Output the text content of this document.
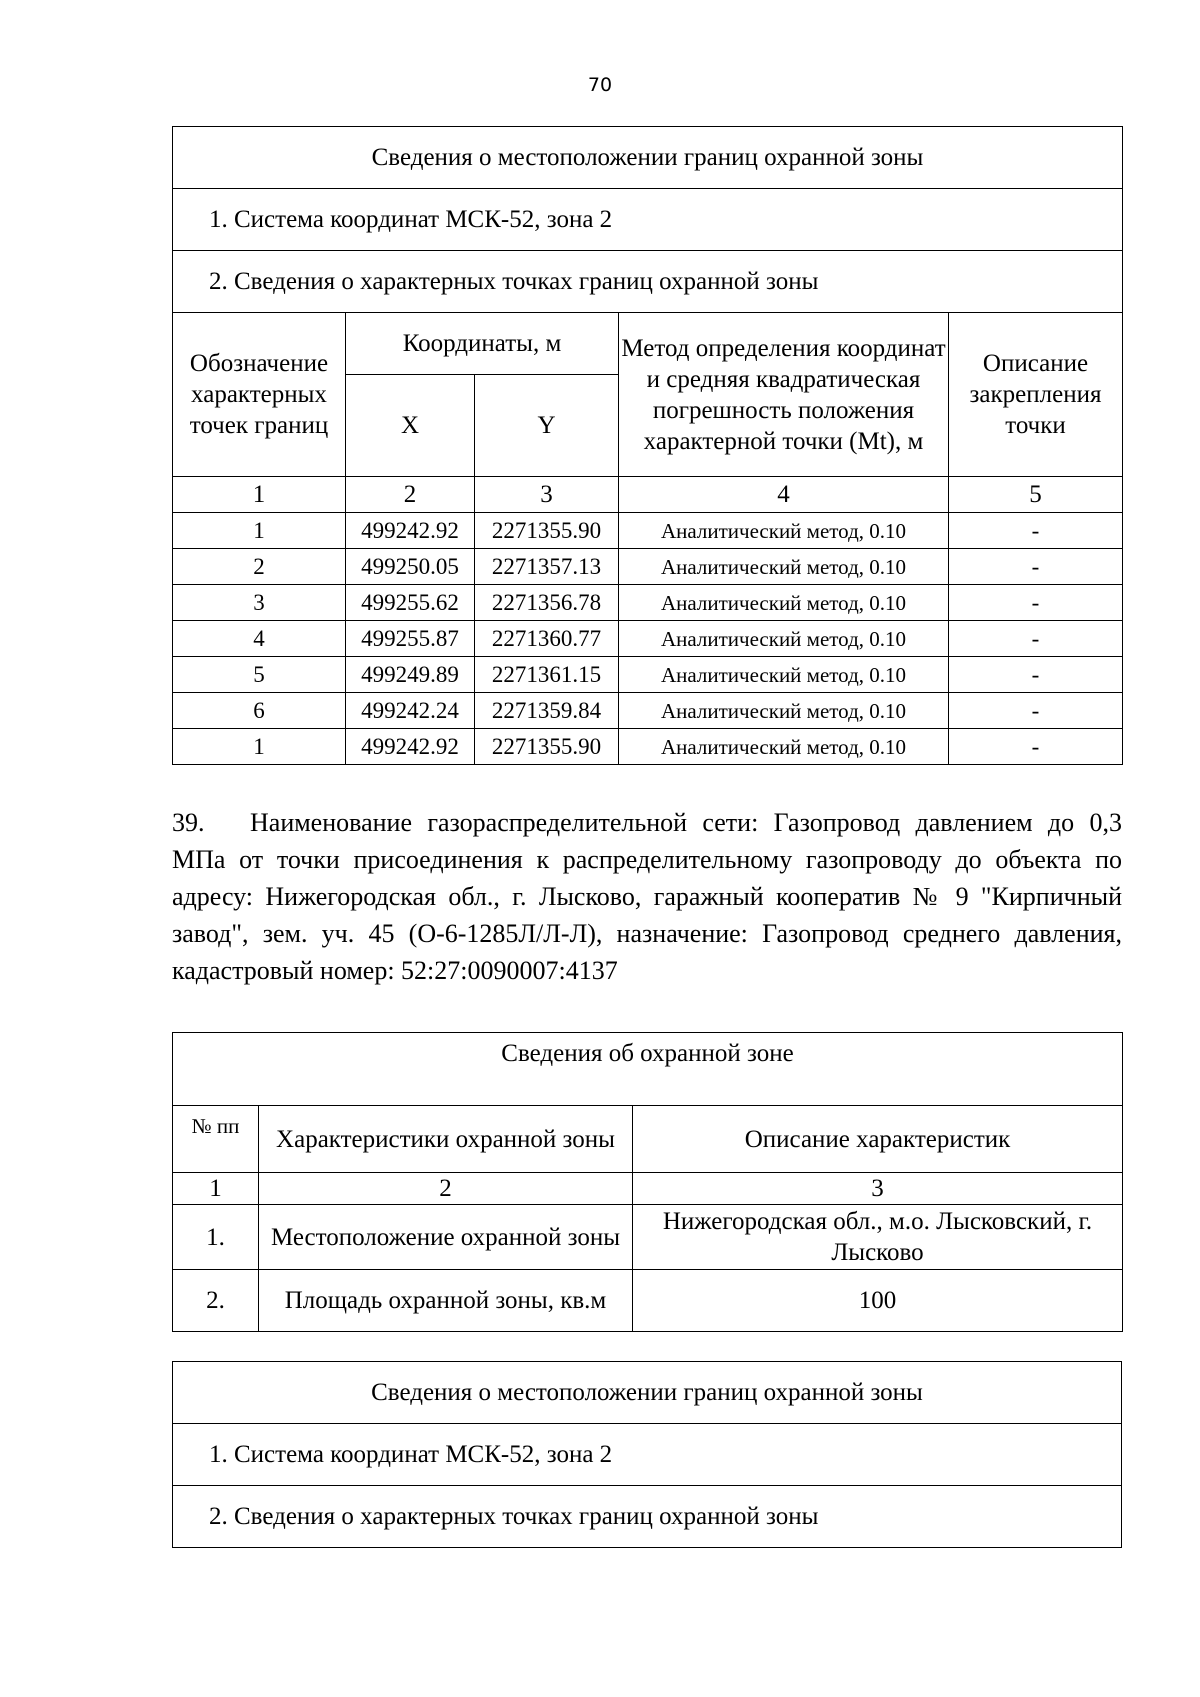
70
Сведения о местоположении границ охранной зоны				
1. Система координат МСК-52, зона 2				
2. Сведения о характерных точках границ охранной зоны				
Обозначение характерных точек границ	Координаты, м		Метод определения координат и средняя квадратическая погрешность положения характерной точки (Mt), м	Описание закрепления точки
	X	Y		
1	2	3	4	5
1	499242.92	2271355.90	Аналитический метод, 0.10	-
2	499250.05	2271357.13	Аналитический метод, 0.10	-
3	499255.62	2271356.78	Аналитический метод, 0.10	-
4	499255.87	2271360.77	Аналитический метод, 0.10	-
5	499249.89	2271361.15	Аналитический метод, 0.10	-
6	499242.24	2271359.84	Аналитический метод, 0.10	-
1	499242.92	2271355.90	Аналитический метод, 0.10	-
39. Наименование газораспределительной сети: Газопровод давлением до 0,3 МПа от точки присоединения к распределительному газопроводу до объекта по адресу: Нижегородская обл., г. Лысково, гаражный кооператив № 9 "Кирпичный завод", зем. уч. 45 (О-6-1285Л/Л-Л), назначение: Газопровод среднего давления, кадастровый номер: 52:27:0090007:4137
Сведения об охранной зоне		
№ пп	Характеристики охранной зоны	Описание характеристик
1	2	3
1.	Местоположение охранной зоны	Нижегородская обл., м.о. Лысковский, г. Лысково
2.	Площадь охранной зоны, кв.м	100
Сведения о местоположении границ охранной зоны
1. Система координат МСК-52, зона 2
2. Сведения о характерных точках границ охранной зоны
